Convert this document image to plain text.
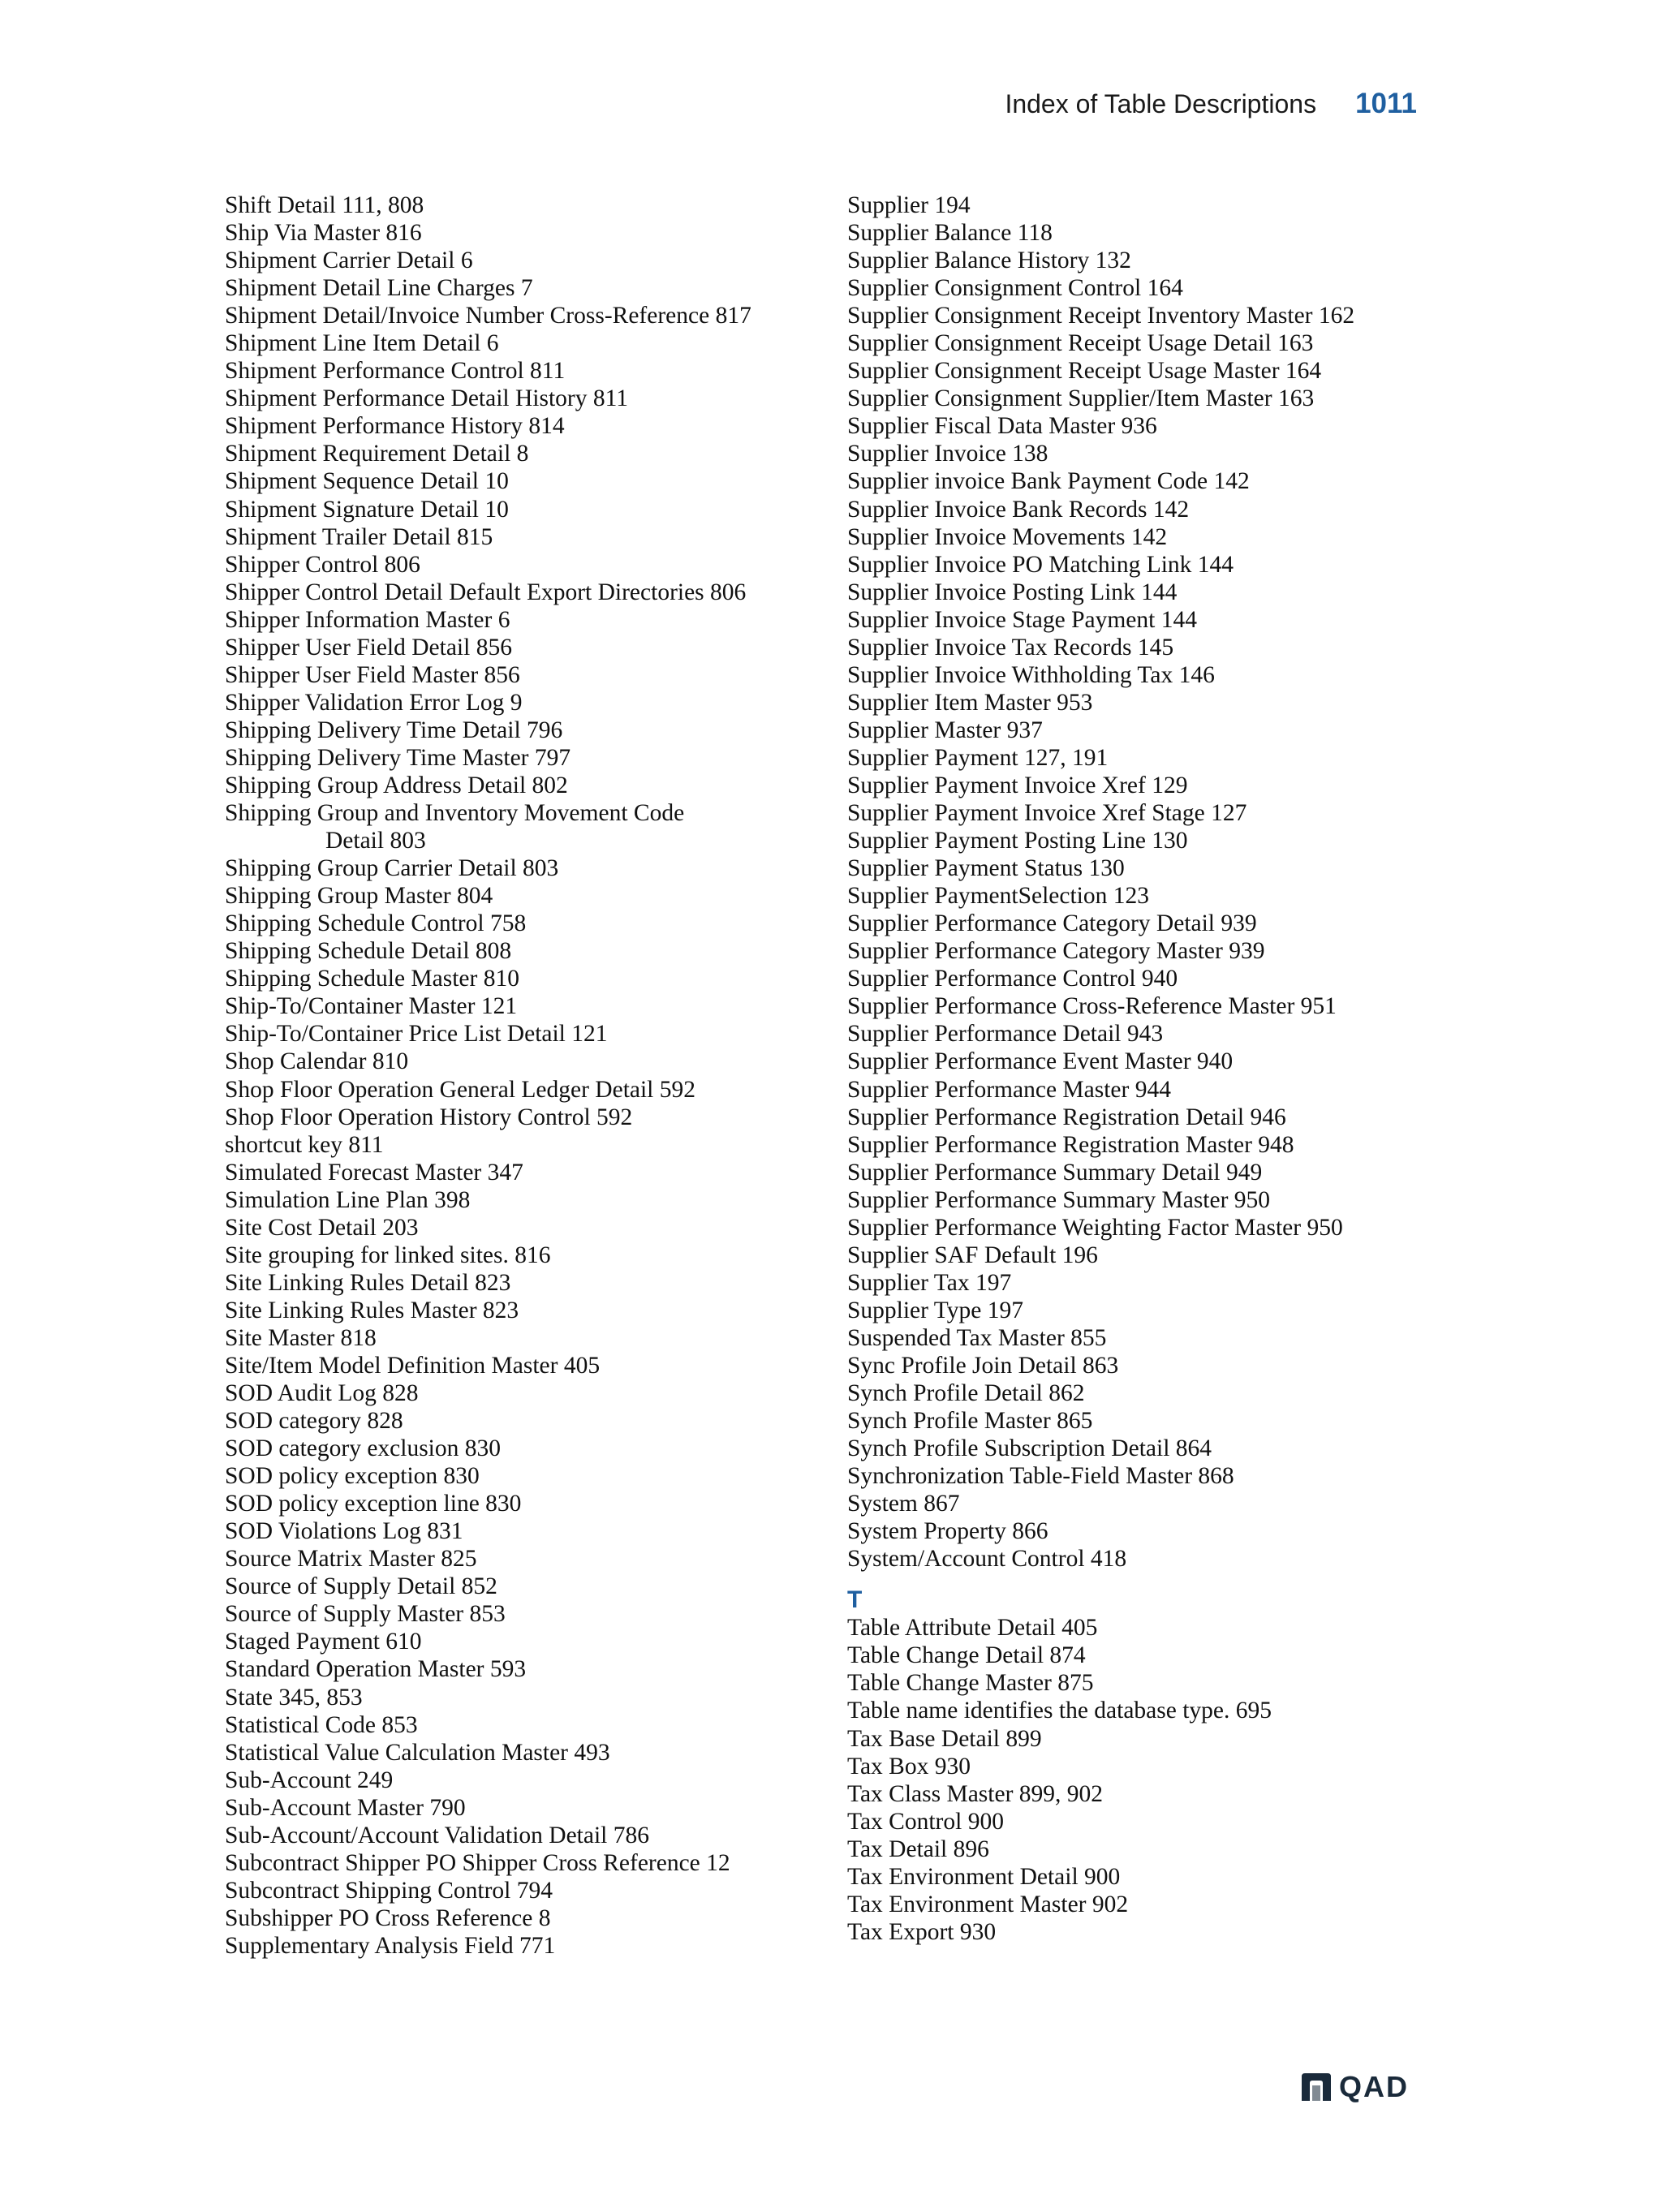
Index of Table Descriptions 1011
Shift Detail 111, 808
Ship Via Master 816
Shipment Carrier Detail 6
Shipment Detail Line Charges 7
Shipment Detail/Invoice Number Cross-Reference 817
Shipment Line Item Detail 6
Shipment Performance Control 811
Shipment Performance Detail History 811
Shipment Performance History 814
Shipment Requirement Detail 8
Shipment Sequence Detail 10
Shipment Signature Detail 10
Shipment Trailer Detail 815
Shipper Control 806
Shipper Control Detail Default Export Directories 806
Shipper Information Master 6
Shipper User Field Detail 856
Shipper User Field Master 856
Shipper Validation Error Log 9
Shipping Delivery Time Detail 796
Shipping Delivery Time Master 797
Shipping Group Address Detail 802
Shipping Group and Inventory Movement Code
Detail 803
Shipping Group Carrier Detail 803
Shipping Group Master 804
Shipping Schedule Control 758
Shipping Schedule Detail 808
Shipping Schedule Master 810
Ship-To/Container Master 121
Ship-To/Container Price List Detail 121
Shop Calendar 810
Shop Floor Operation General Ledger Detail 592
Shop Floor Operation History Control 592
shortcut key 811
Simulated Forecast Master 347
Simulation Line Plan 398
Site Cost Detail 203
Site grouping for linked sites. 816
Site Linking Rules Detail 823
Site Linking Rules Master 823
Site Master 818
Site/Item Model Definition Master 405
SOD Audit Log 828
SOD category 828
SOD category exclusion 830
SOD policy exception 830
SOD policy exception line 830
SOD Violations Log 831
Source Matrix Master 825
Source of Supply Detail 852
Source of Supply Master 853
Staged Payment 610
Standard Operation Master 593
State 345, 853
Statistical Code 853
Statistical Value Calculation Master 493
Sub-Account 249
Sub-Account Master 790
Sub-Account/Account Validation Detail 786
Subcontract Shipper PO Shipper Cross Reference 12
Subcontract Shipping Control 794
Subshipper PO Cross Reference 8
Supplementary Analysis Field 771
Supplier 194
Supplier Balance 118
Supplier Balance History 132
Supplier Consignment Control 164
Supplier Consignment Receipt Inventory Master 162
Supplier Consignment Receipt Usage Detail 163
Supplier Consignment Receipt Usage Master 164
Supplier Consignment Supplier/Item Master 163
Supplier Fiscal Data Master 936
Supplier Invoice 138
Supplier invoice Bank Payment Code 142
Supplier Invoice Bank Records 142
Supplier Invoice Movements 142
Supplier Invoice PO Matching Link 144
Supplier Invoice Posting Link 144
Supplier Invoice Stage Payment 144
Supplier Invoice Tax Records 145
Supplier Invoice Withholding Tax 146
Supplier Item Master 953
Supplier Master 937
Supplier Payment 127, 191
Supplier Payment Invoice Xref 129
Supplier Payment Invoice Xref Stage 127
Supplier Payment Posting Line 130
Supplier Payment Status 130
Supplier PaymentSelection 123
Supplier Performance Category Detail 939
Supplier Performance Category Master 939
Supplier Performance Control 940
Supplier Performance Cross-Reference Master 951
Supplier Performance Detail 943
Supplier Performance Event Master 940
Supplier Performance Master 944
Supplier Performance Registration Detail 946
Supplier Performance Registration Master 948
Supplier Performance Summary Detail 949
Supplier Performance Summary Master 950
Supplier Performance Weighting Factor Master 950
Supplier SAF Default 196
Supplier Tax 197
Supplier Type 197
Suspended Tax Master 855
Sync Profile Join Detail 863
Synch Profile Detail 862
Synch Profile Master 865
Synch Profile Subscription Detail 864
Synchronization Table-Field Master 868
System 867
System Property 866
System/Account Control 418
T
Table Attribute Detail 405
Table Change Detail 874
Table Change Master 875
Table name identifies the database type. 695
Tax Base Detail 899
Tax Box 930
Tax Class Master 899, 902
Tax Control 900
Tax Detail 896
Tax Environment Detail 900
Tax Environment Master 902
Tax Export 930
QAD
